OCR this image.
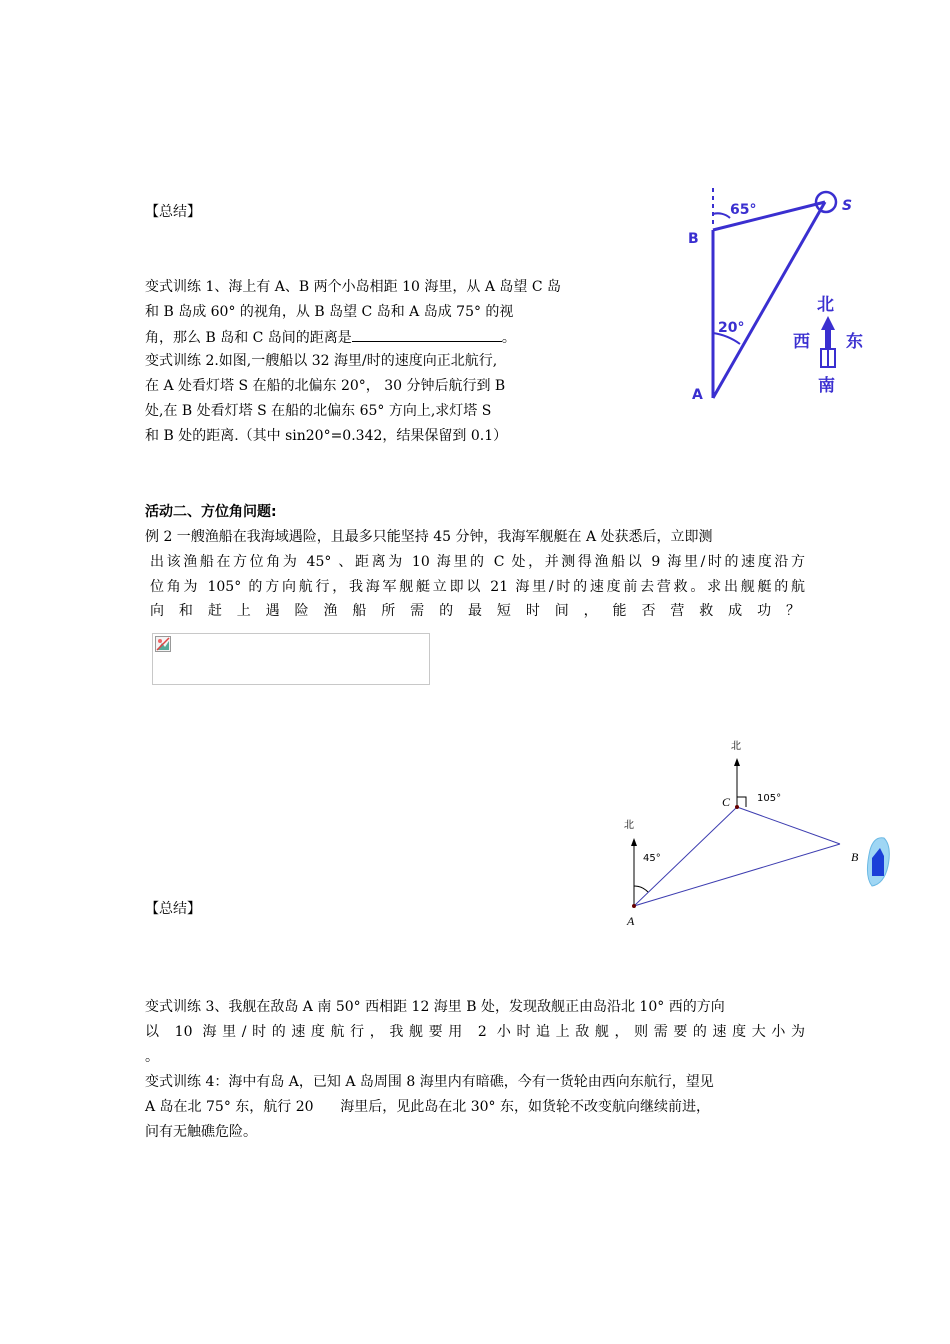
【总结】
变式训练 1、海上有 A、B 两个小岛相距 10 海里，从 A 岛望 C 岛
和 B 岛成 60° 的视角，从 B 岛望 C 岛和 A 岛成 75° 的视
角，那么 B 岛和 C 岛间的距离是	。
变式训练 2.如图,一艘船以 32 海里/时的速度向正北航行,
在 A 处看灯塔 S 在船的北偏东 20°， 30 分钟后航行到 B
处,在 B 处看灯塔 S 在船的北偏东 65° 方向上,求灯塔 S
和 B 处的距离.（其中 sin20°=0.342，结果保留到 0.1）
B
A
S
65°
20°
北
西 东
南
活动二、方位角问题:
例 2 一艘渔船在我海域遇险，且最多只能坚持 45 分钟，我海军舰艇在 A 处获悉后，立即测
出该渔船在方位角为 45° 、距离为 10 海里的 C 处，并测得渔船以 9 海里/时的速度沿方
位角为 105° 的方向航行，我海军舰艇立即以 21 海里/时的速度前去营救。求出舰艇的航
向和赶上遇险渔船所需的最短时间，能否营救成功？
北
北
C
A
B
105°
45°
【总结】
变式训练 3、我舰在敌岛 A 南 50° 西相距 12 海里 B 处，发现敌舰正由岛沿北 10° 西的方向
以 10 海里/时的速度航行，我舰要用 2 小时追上敌舰，则需要的速度大小为
。
变式训练 4：海中有岛 A，已知 A 岛周围 8 海里内有暗礁，今有一货轮由西向东航行，望见
A 岛在北 75° 东，航行 20      海里后，见此岛在北 30° 东，如货轮不改变航向继续前进，
问有无触礁危险。
